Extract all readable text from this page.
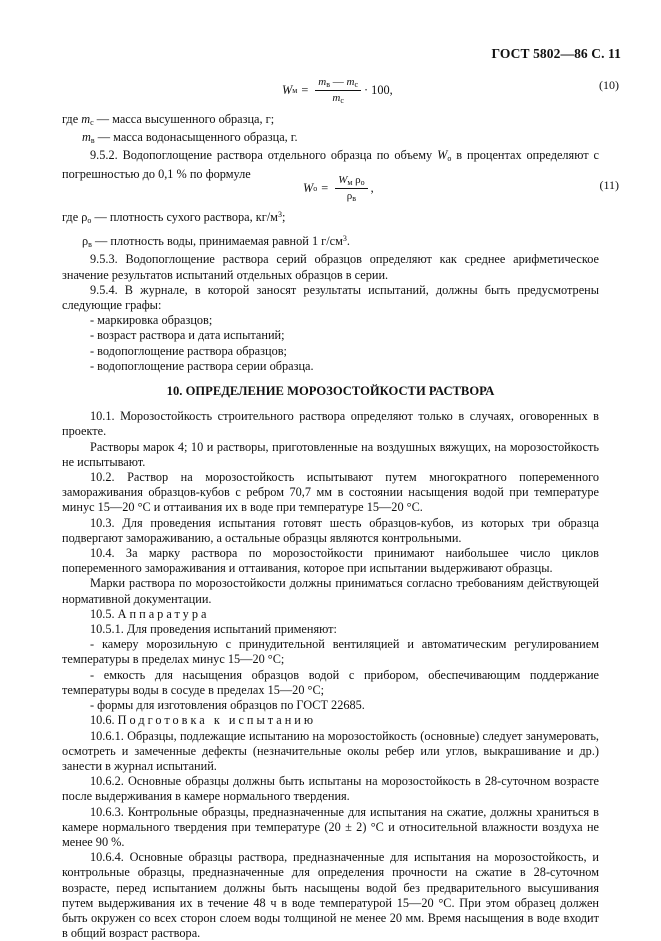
ГОСТ 5802—86 С. 11
W $м = \frac{m_в — m_с}{m_с} \cdot 100$,	(10)

где $m_с$ — масса высушенного образца, г;

$m_в$ — масса водонасыщенного образца, г.

9.5.2. Водопоглощение раствора отдельного образца по объему $W_о$ в процентах определяют с погрешностью до 0,1 % по формуле

W $о = \frac{W_м \rho_о}{\rho_в}$ ,	(11)

где $\rho_о$ — плотность сухого раствора, $кг/м^3$;

$\rho_в$ — плотность воды, принимаемая равной 1 $г/см^3$.

9.5.3. Водопоглощение раствора серий образцов определяют как среднее арифметическое значение результатов испытаний отдельных образцов в серии.

9.5.4. В журнале, в которой заносят результаты испытаний, должны быть предусмотрены следующие графы:

- маркировка образцов;

- возраст раствора и дата испытаний;

- водопоглощение раствора образцов;

- водопоглощение раствора серии образца.

10. ОПРЕДЕЛЕНИЕ МОРОЗОСТОЙКОСТИ РАСТВОРА

10.1. Морозостойкость строительного раствора определяют только в случаях, оговоренных в проекте.

Растворы марок 4; 10 и растворы, приготовленные на воздушных вяжущих, на морозостойкость не испытывают.

10.2. Раствор на морозостойкость испытывают путем многократного попеременного замораживания образцов-кубов с ребром 70,7 мм в состоянии насыщения водой при температуре минус 15—20 °С и оттаивания их в воде при температуре 15—20 °С.

10.3. Для проведения испытания готовят шесть образцов-кубов, из которых три образца подвергают замораживанию, а остальные образцы являются контрольными.

10.4. За марку раствора по морозостойкости принимают наибольшее число циклов попеременного замораживания и оттаивания, которое при испытании выдерживают образцы.

Марки раствора по морозостойкости должны приниматься согласно требованиям действующей нормативной документации.

10.5. Аппаратура

10.5.1. Для проведения испытаний применяют:

- камеру морозильную с принудительной вентиляцией и автоматическим регулированием температуры в пределах минус 15—20 °С;

- емкость для насыщения образцов водой с прибором, обеспечивающим поддержание температуры воды в сосуде в пределах 15—20 °С;

- формы для изготовления образцов по ГОСТ 22685.

10.6. Подготовка к испытанию

10.6.1. Образцы, подлежащие испытанию на морозостойкость (основные) следует занумеровать, осмотреть и замеченные дефекты (незначительные околы ребер или углов, выкрашивание и др.) занести в журнал испытаний.

10.6.2. Основные образцы должны быть испытаны на морозостойкость в 28-суточном возрасте после выдерживания в камере нормального твердения.

10.6.3. Контрольные образцы, предназначенные для испытания на сжатие, должны храниться в камере нормального твердения при температуре (20 ± 2) °С и относительной влажности воздуха не менее 90 %.

10.6.4. Основные образцы раствора, предназначенные для испытания на морозостойкость, и контрольные образцы, предназначенные для определения прочности на сжатие в 28-суточном возрасте, перед испытанием должны быть насыщены водой без предварительного высушивания путем выдерживания их в течение 48 ч в воде температурой 15—20 °С. При этом образец должен быть окружен со всех сторон слоем воды толщиной не менее 20 мм. Время насыщения в воде входит в общий возраст раствора.
